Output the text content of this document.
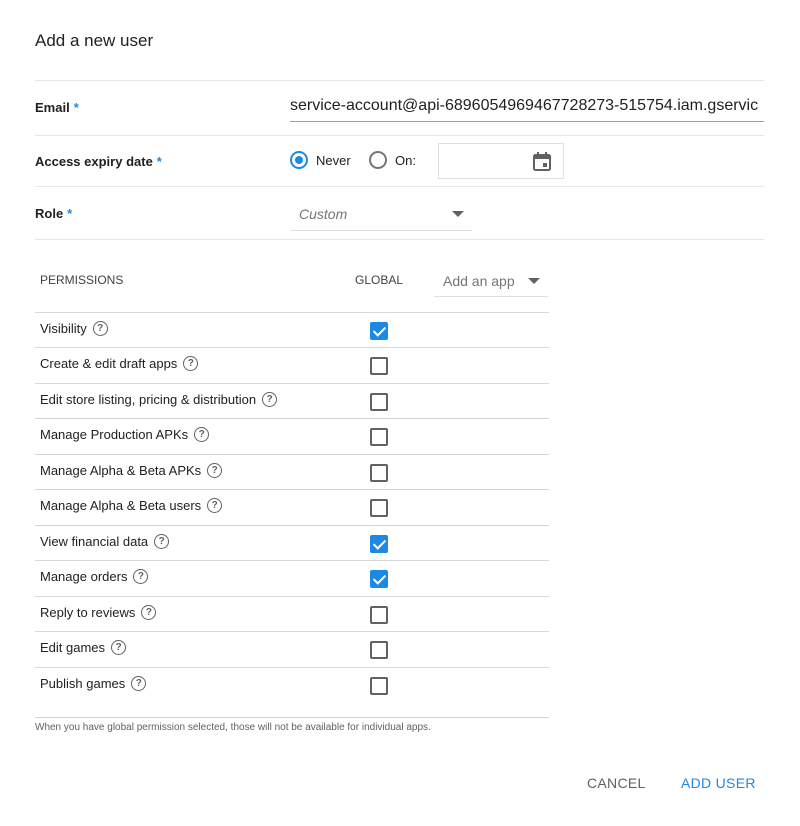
Add a new user
Email *	service-account@api-6896054969467728273-515754.iam.gservic
Access expiry date *	Never	On:
Role *	Custom
PERMISSIONS	GLOBAL	Add an app
Visibility	?
Create & edit draft apps	?
Edit store listing, pricing & distribution	?
Manage Production APKs	?
Manage Alpha & Beta APKs	?
Manage Alpha & Beta users	?
View financial data	?
Manage orders	?
Reply to reviews	?
Edit games	?
Publish games	?
When you have global permission selected, those will not be available for individual apps.
CANCEL	ADD USER
